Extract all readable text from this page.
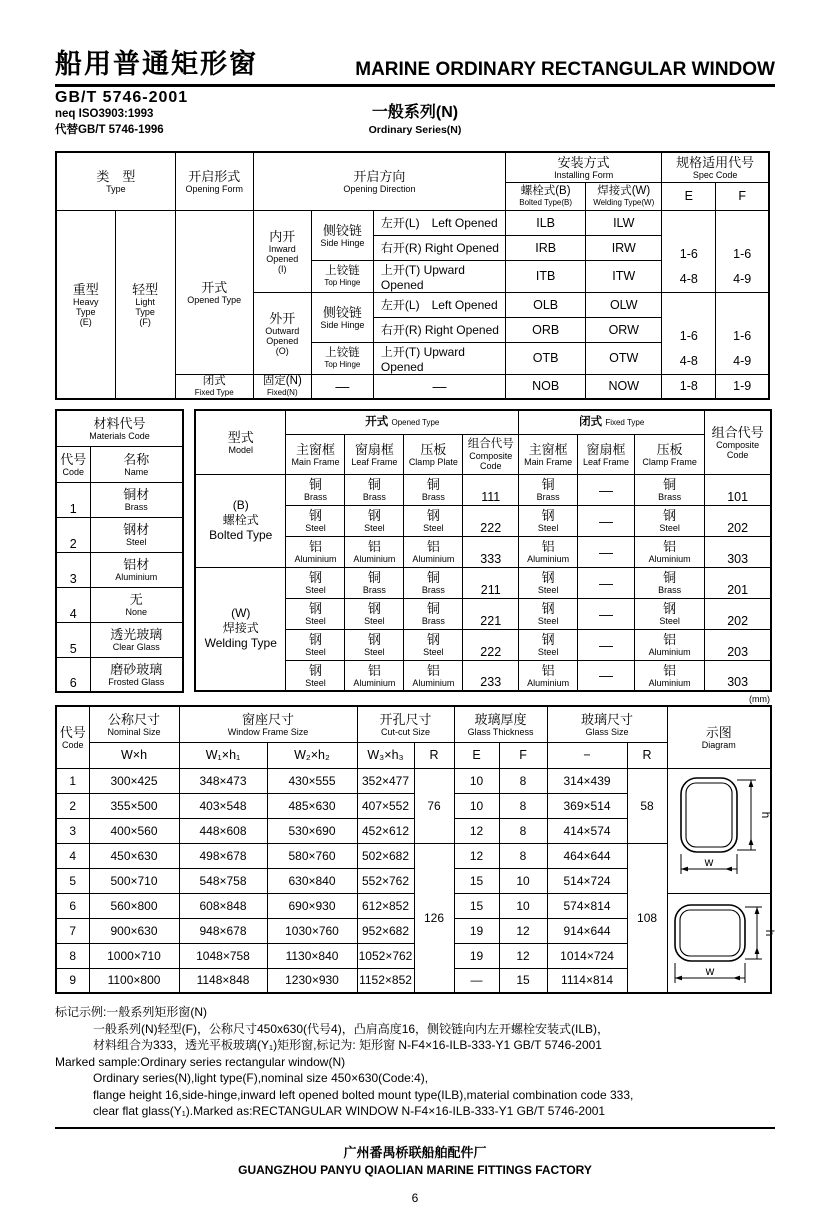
船用普通矩形窗	MARINE ORDINARY RECTANGULAR WINDOW
GB/T 5746-2001
neq ISO3903:1993
代替GB/T 5746-1996
一般系列(N)
Ordinary Series(N)
类　型
Type		开启形式
Opening Form	开启方向
Opening Direction			安装方式
Installing Form		规格适用代号
Spec Code	

						螺栓式(B)
Bolted Type(B)	焊接式(W)
Welding Type(W)	E	F

重型
Heavy
Type
(E)	轻型
Light
Type
(F)	开式
Opened Type	内开
Inward
Opened
(I)	侧铰链
Side Hinge	左开(L)　Left Opened	ILB	ILW	1-6
4-8	1-6
4-9

					右开(R) Right Opened	IRB	IRW		

				上铰链
Top Hinge	上开(T) Upward Opened	ITB	ITW		

			外开
Outward
Opened
(O)	侧铰链
Side Hinge	左开(L)　Left Opened	OLB	OLW	1-6
4-8	1-6
4-9

					右开(R) Right Opened	ORB	ORW		

				上铰链
Top Hinge	上开(T) Upward Opened	OTB	OTW		

		闭式
Fixed Type	固定(N)
Fixed(N)	—	—	NOB	NOW	1-8	1-9
材料代号
Materials Code	

代号
Code	名称
Name

1	铜材
Brass

2	钢材
Steel

3	铝材
Aluminium

4	无
None

5	透光玻璃
Clear Glass

6	磨砂玻璃
Frosted Glass
型式
Model	开式 Opened Type				闭式 Fixed Type			组合代号
Composite
Code

	主窗框
Main Frame	窗扇框
Leaf Frame	压板
Clamp Plate	组合代号
Composite
Code	主窗框
Main Frame	窗扇框
Leaf Frame	压板
Clamp Frame	

(B)
螺栓式
Bolted Type	铜
Brass	铜
Brass	铜
Brass	111	铜
Brass	—	铜
Brass	101

	钢
Steel	钢
Steel	钢
Steel	222	钢
Steel	—	钢
Steel	202

	铝
Aluminium	铝
Aluminium	铝
Aluminium	333	铝
Aluminium	—	铝
Aluminium	303

(W)
焊接式
Welding Type	钢
Steel	铜
Brass	铜
Brass	211	钢
Steel	—	铜
Brass	201

	钢
Steel	钢
Steel	铜
Brass	221	钢
Steel	—	钢
Steel	202

	钢
Steel	钢
Steel	钢
Steel	222	钢
Steel	—	铝
Aluminium	203

	钢
Steel	铝
Aluminium	铝
Aluminium	233	铝
Aluminium	—	铝
Aluminium	303
(mm)
代号
Code	公称尺寸
Nominal Size	窗座尺寸
Window Frame Size		开孔尺寸
Cut-cut Size		玻璃厚度
Glass Thickness		玻璃尺寸
Glass Size		示图
Diagram

	W×h	W₁×h₁	W₂×h₂	W₃×h₃	R	E	F	−	R	
1	300×425	348×473	430×555	352×477	76	10	8	314×439	58	h
w

2	355×500	403×548	485×630	407×552		10	8	369×514		
3	400×560	448×608	530×690	452×612		12	8	414×574		
4	450×630	498×678	580×760	502×682	126	12	8	464×644	108	
5	500×710	548×758	630×840	552×762		15	10	514×724		
6	560×800	608×848	690×930	612×852		15	10	574×814		h
w

7	900×630	948×678	1030×760	952×682		19	12	914×644		
8	1000×710	1048×758	1130×840	1052×762		19	12	1014×724		
9	1100×800	1148×848	1230×930	1152×852		—	15	1114×814		
标记示例:一般系列矩形窗(N)
一般系列(N)轻型(F)，公称尺寸450x630(代号4)，凸肩高度16，侧铰链向内左开螺栓安装式(ILB)，
材料组合为333，透光平板玻璃(Y₁)矩形窗,标记为: 矩形窗 N-F4×16-ILB-333-Y1 GB/T 5746-2001
Marked sample:Ordinary series rectangular window(N)
Ordinary series(N),light type(F),nominal size 450×630(Code:4),
flange height 16,side-hinge,inward left opened bolted mount type(ILB),material combination code 333,
clear flat glass(Y₁).Marked as:RECTANGULAR WINDOW N-F4×16-ILB-333-Y1 GB/T 5746-2001
广州番禺桥联船舶配件厂
GUANGZHOU PANYU QIAOLIAN MARINE FITTINGS FACTORY
6
